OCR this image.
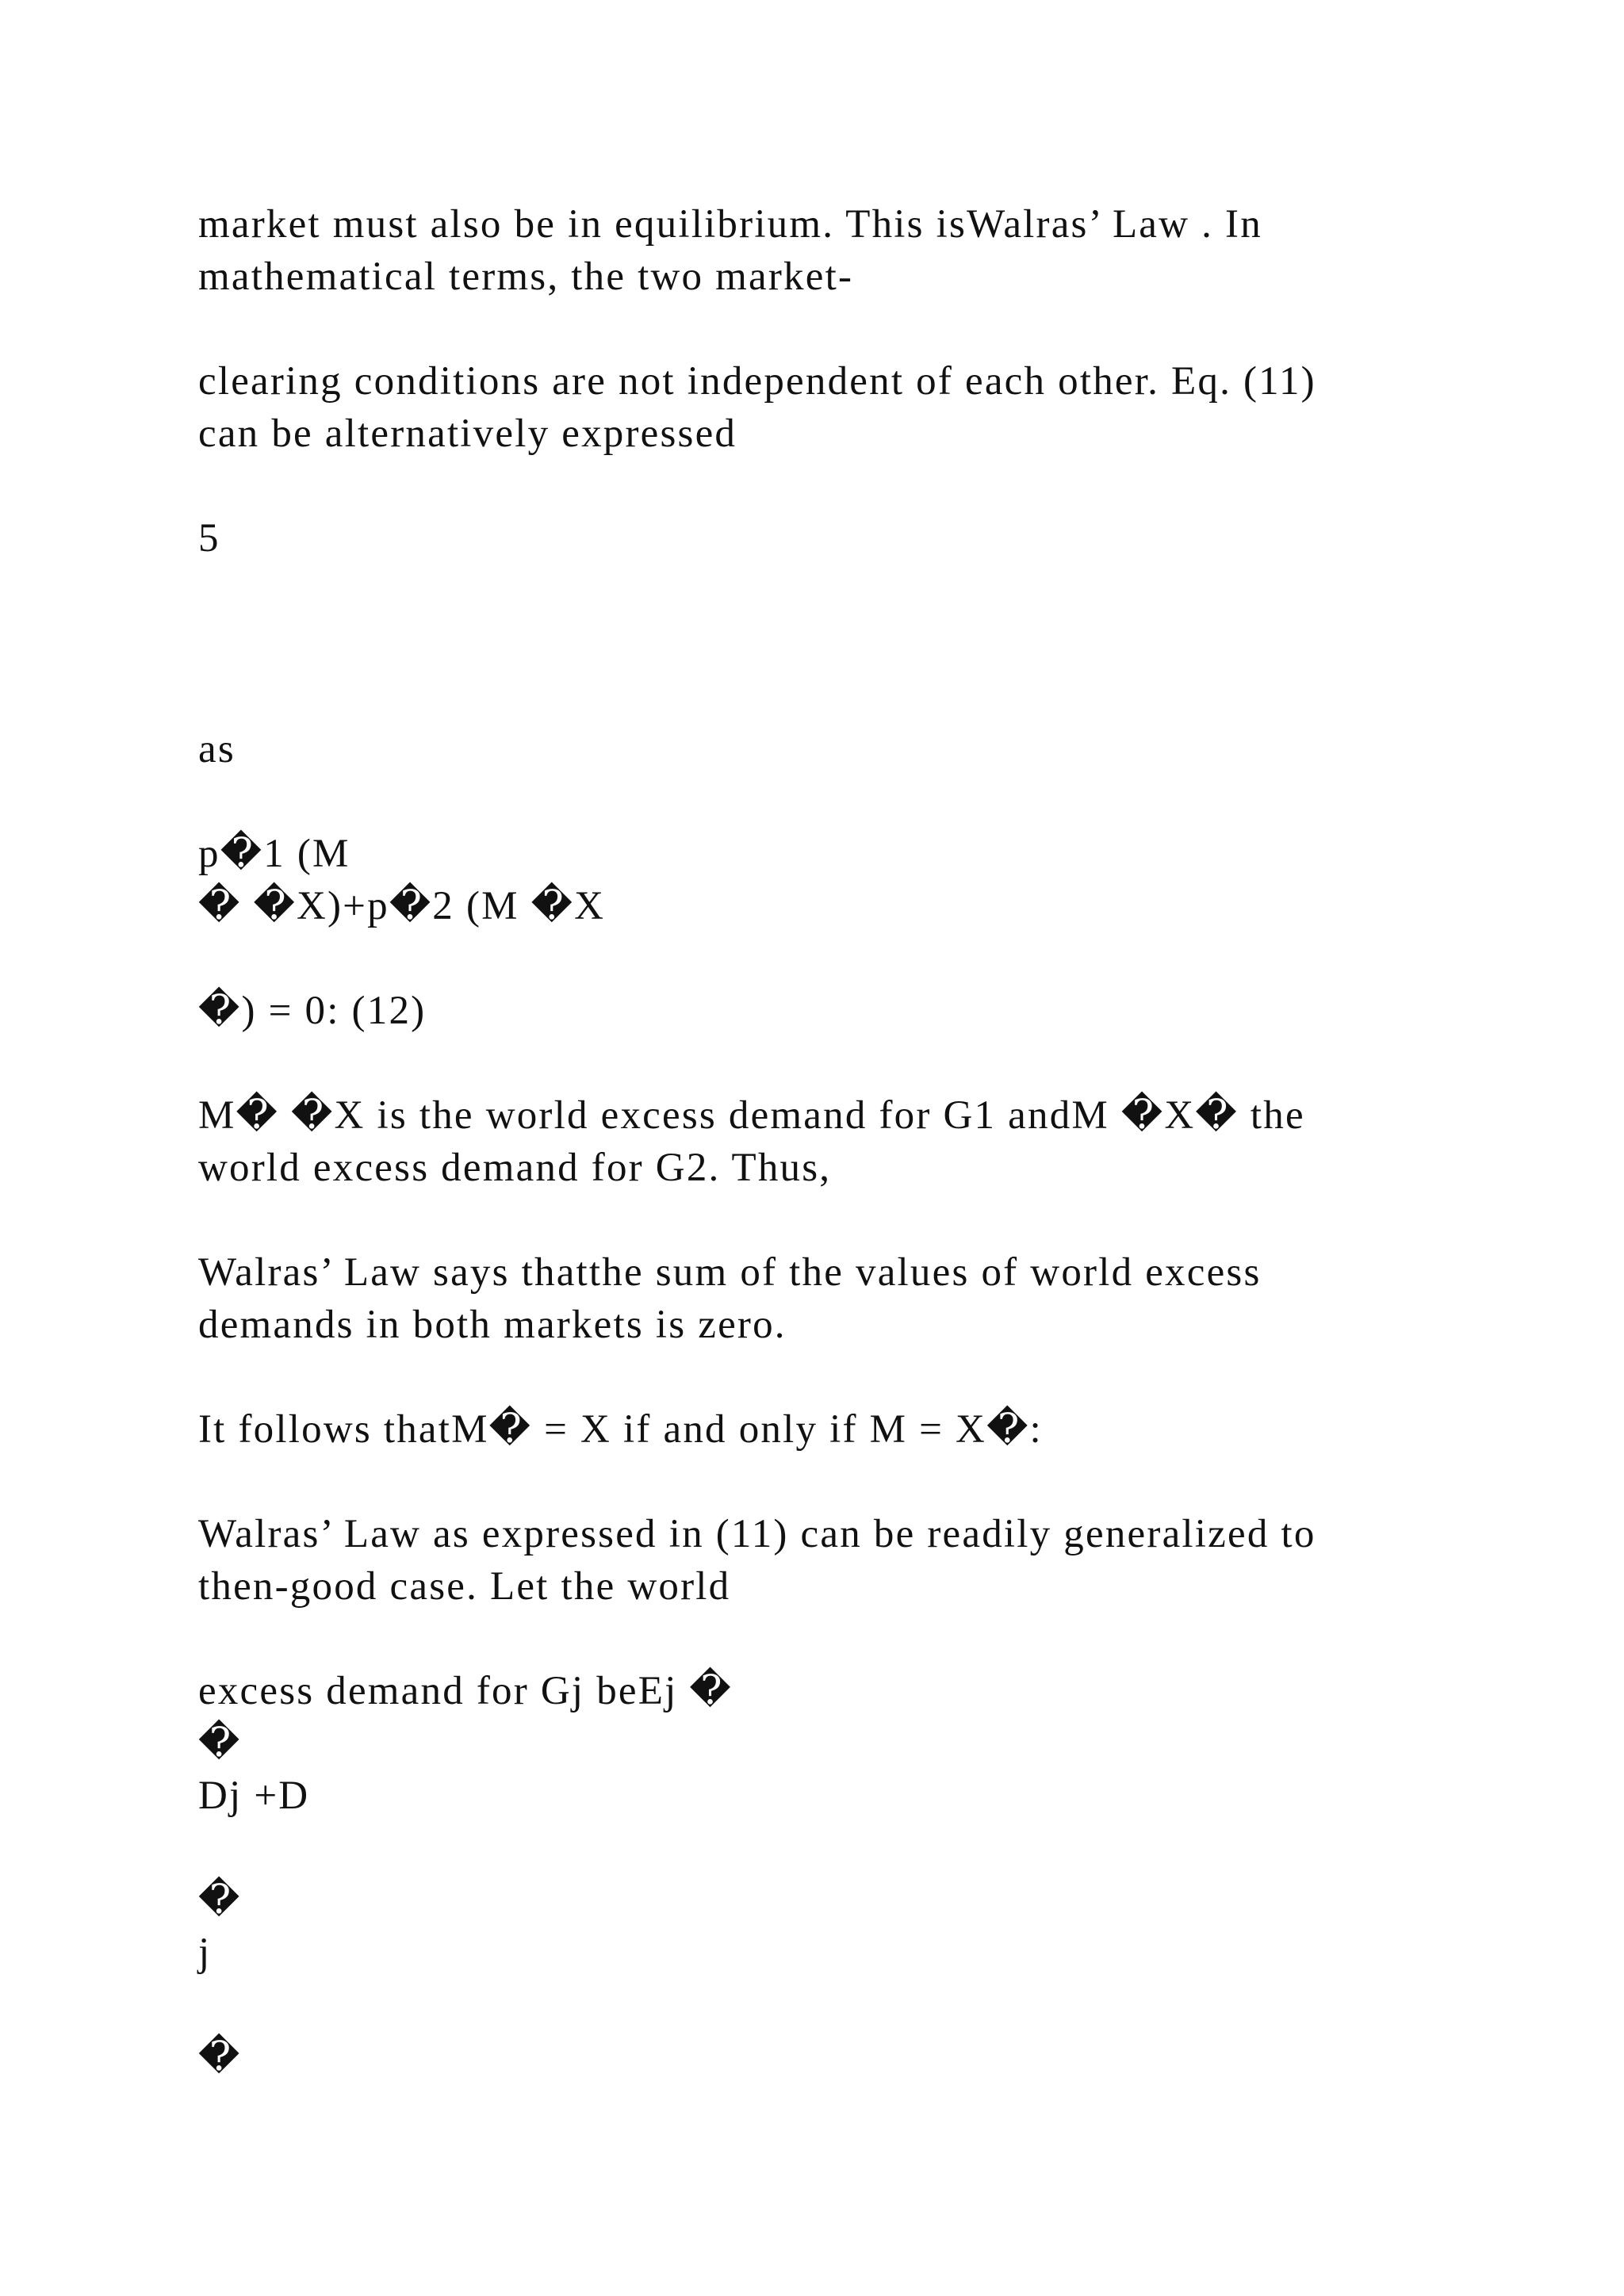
market must also be in equilibrium. This isWalras’ Law . In
mathematical terms, the two market-
clearing conditions are not independent of each other. Eq. (11)
can be alternatively expressed
5
as
p�1 (M
� �X)+p�2 (M �X
�) = 0: (12)
M� �X is the world excess demand for G1 andM �X� the
world excess demand for G2. Thus,
Walras’ Law says thatthe sum of the values of world excess
demands in both markets is zero.
It follows thatM� = X if and only if M = X�:
Walras’ Law as expressed in (11) can be readily generalized to
then-good case. Let the world
excess demand for Gj beEj �
�
Dj +D
�
j
�
